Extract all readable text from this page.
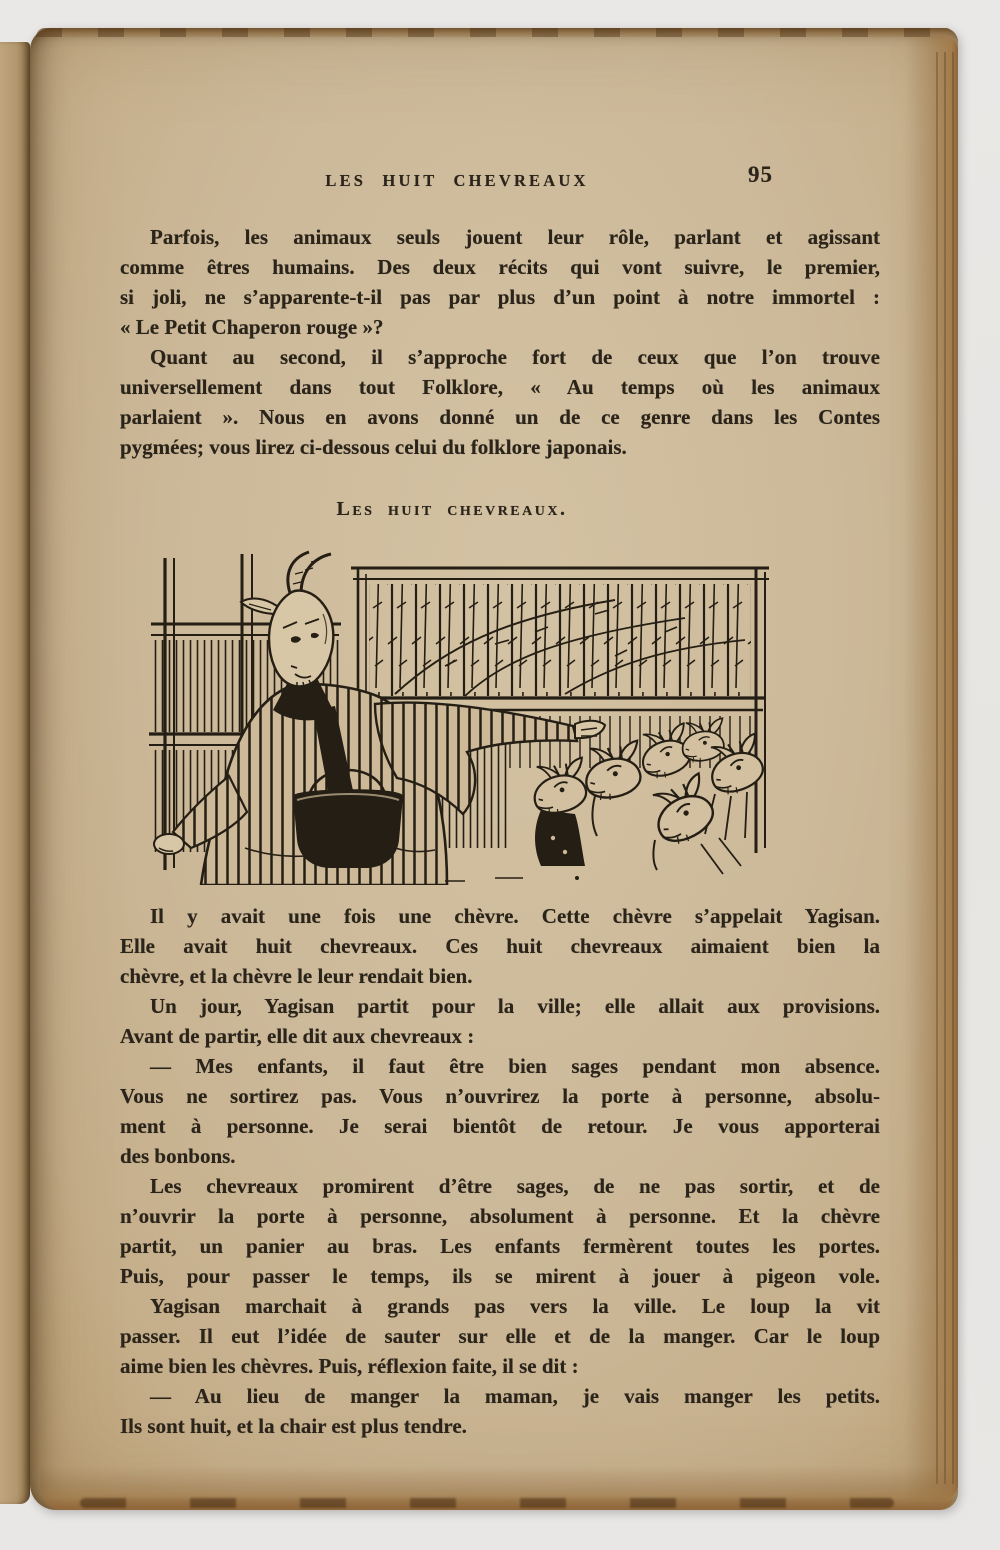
LES HUIT CHEVREAUX	95
Parfois, les animaux seuls jouent leur rôle, parlant et agissant
comme êtres humains. Des deux récits qui vont suivre, le premier,
si joli, ne s’apparente-t-il pas par plus d’un point à notre immortel :
« Le Petit Chaperon rouge »?
Quant au second, il s’approche fort de ceux que l’on trouve
universellement dans tout Folklore, « Au temps où les animaux
parlaient ». Nous en avons donné un de ce genre dans les Contes
pygmées; vous lirez ci-dessous celui du folklore japonais.
Les huit chevreaux.
Il y avait une fois une chèvre. Cette chèvre s’appelait Yagisan.
Elle avait huit chevreaux. Ces huit chevreaux aimaient bien la
chèvre, et la chèvre le leur rendait bien.
Un jour, Yagisan partit pour la ville; elle allait aux provisions.
Avant de partir, elle dit aux chevreaux :
— Mes enfants, il faut être bien sages pendant mon absence.
Vous ne sortirez pas. Vous n’ouvrirez la porte à personne, absolu-
ment à personne. Je serai bientôt de retour. Je vous apporterai
des bonbons.
Les chevreaux promirent d’être sages, de ne pas sortir, et de
n’ouvrir la porte à personne, absolument à personne. Et la chèvre
partit, un panier au bras. Les enfants fermèrent toutes les portes.
Puis, pour passer le temps, ils se mirent à jouer à pigeon vole.
Yagisan marchait à grands pas vers la ville. Le loup la vit
passer. Il eut l’idée de sauter sur elle et de la manger. Car le loup
aime bien les chèvres. Puis, réflexion faite, il se dit :
— Au lieu de manger la maman, je vais manger les petits.
Ils sont huit, et la chair est plus tendre.
